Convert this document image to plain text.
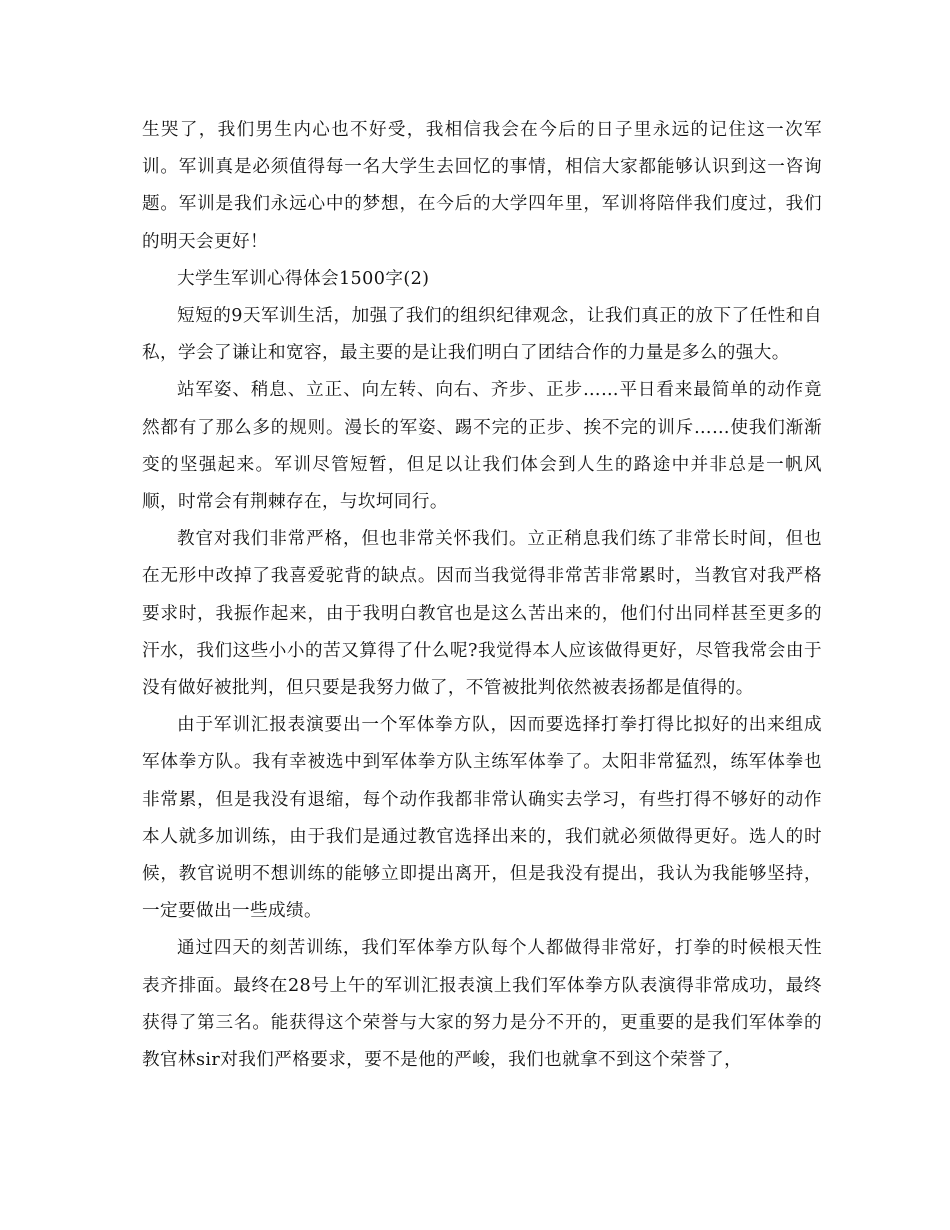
生哭了，我们男生内心也不好受，我相信我会在今后的日子里永远的记住这一次军训。军训真是必须值得每一名大学生去回忆的事情，相信大家都能够认识到这一咨询题。军训是我们永远心中的梦想，在今后的大学四年里，军训将陪伴我们度过，我们的明天会更好！

大学生军训心得体会1500字(2)

短短的9天军训生活，加强了我们的组织纪律观念，让我们真正的放下了任性和自私，学会了谦让和宽容，最主要的是让我们明白了团结合作的力量是多么的强大。

站军姿、稍息、立正、向左转、向右、齐步、正步……平日看来最简单的动作竟然都有了那么多的规则。漫长的军姿、踢不完的正步、挨不完的训斥……使我们渐渐变的坚强起来。军训尽管短暂，但足以让我们体会到人生的路途中并非总是一帆风顺，时常会有荆棘存在，与坎坷同行。

教官对我们非常严格，但也非常关怀我们。立正稍息我们练了非常长时间，但也在无形中改掉了我喜爱驼背的缺点。因而当我觉得非常苦非常累时，当教官对我严格要求时，我振作起来，由于我明白教官也是这么苦出来的，他们付出同样甚至更多的汗水，我们这些小小的苦又算得了什么呢?我觉得本人应该做得更好，尽管我常会由于没有做好被批判，但只要是我努力做了，不管被批判依然被表扬都是值得的。

由于军训汇报表演要出一个军体拳方队，因而要选择打拳打得比拟好的出来组成军体拳方队。我有幸被选中到军体拳方队主练军体拳了。太阳非常猛烈，练军体拳也非常累，但是我没有退缩，每个动作我都非常认确实去学习，有些打得不够好的动作本人就多加训练，由于我们是通过教官选择出来的，我们就必须做得更好。选人的时候，教官说明不想训练的能够立即提出离开，但是我没有提出，我认为我能够坚持，一定要做出一些成绩。

通过四天的刻苦训练，我们军体拳方队每个人都做得非常好，打拳的时候根天性表齐排面。最终在28号上午的军训汇报表演上我们军体拳方队表演得非常成功，最终获得了第三名。能获得这个荣誉与大家的努力是分不开的，更重要的是我们军体拳的教官林sir对我们严格要求，要不是他的严峻，我们也就拿不到这个荣誉了，
